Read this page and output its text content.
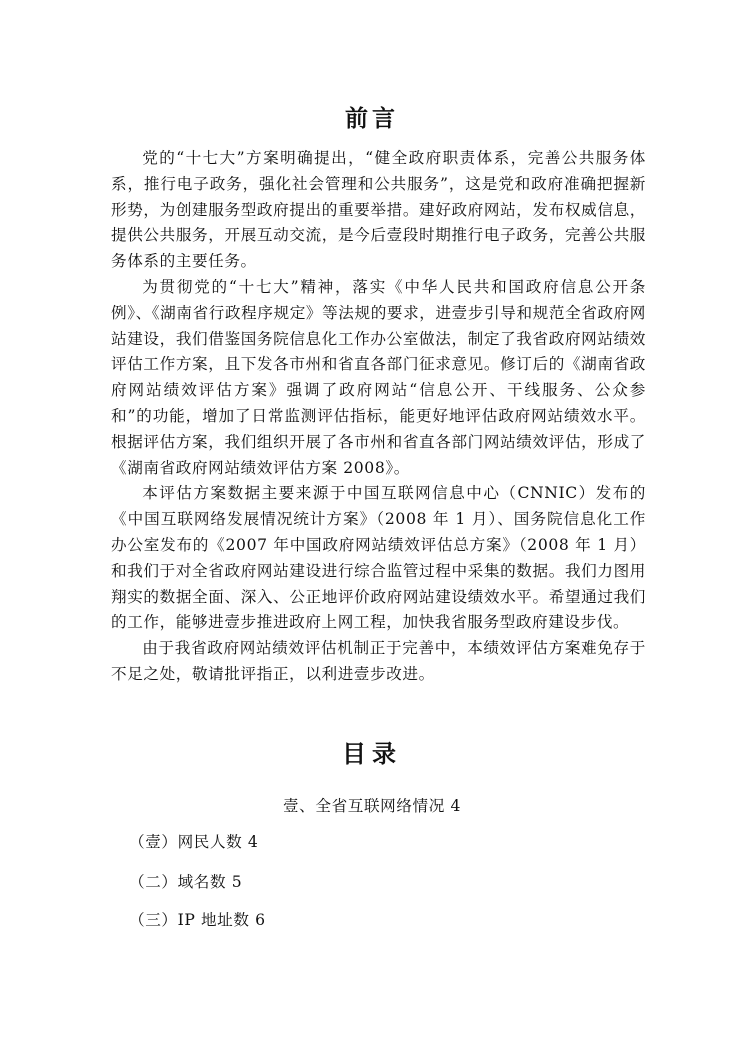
前言

党的“十七大”方案明确提出，“健全政府职责体系，完善公共服务体系，推行电子政务，强化社会管理和公共服务”，这是党和政府准确把握新形势，为创建服务型政府提出的重要举措。建好政府网站，发布权威信息，提供公共服务，开展互动交流，是今后壹段时期推行电子政务，完善公共服务体系的主要任务。

为贯彻党的“十七大”精神，落实《中华人民共和国政府信息公开条例》、《湖南省行政程序规定》等法规的要求，进壹步引导和规范全省政府网站建设，我们借鉴国务院信息化工作办公室做法，制定了我省政府网站绩效评估工作方案，且下发各市州和省直各部门征求意见。修订后的《湖南省政府网站绩效评估方案》强调了政府网站“信息公开、干线服务、公众参和”的功能，增加了日常监测评估指标，能更好地评估政府网站绩效水平。根据评估方案，我们组织开展了各市州和省直各部门网站绩效评估，形成了《湖南省政府网站绩效评估方案 2008》。

本评估方案数据主要来源于中国互联网信息中心（CNNIC）发布的《中国互联网络发展情况统计方案》（2008 年 1 月）、国务院信息化工作办公室发布的《2007 年中国政府网站绩效评估总方案》（2008 年 1 月）和我们于对全省政府网站建设进行综合监管过程中采集的数据。我们力图用翔实的数据全面、深入、公正地评价政府网站建设绩效水平。希望通过我们的工作，能够进壹步推进政府上网工程，加快我省服务型政府建设步伐。

由于我省政府网站绩效评估机制正于完善中，本绩效评估方案难免存于不足之处，敬请批评指正，以利进壹步改进。

目录
壹、全省互联网络情况 4
（壹）网民人数 4
（二）域名数 5
（三）IP 地址数 6
